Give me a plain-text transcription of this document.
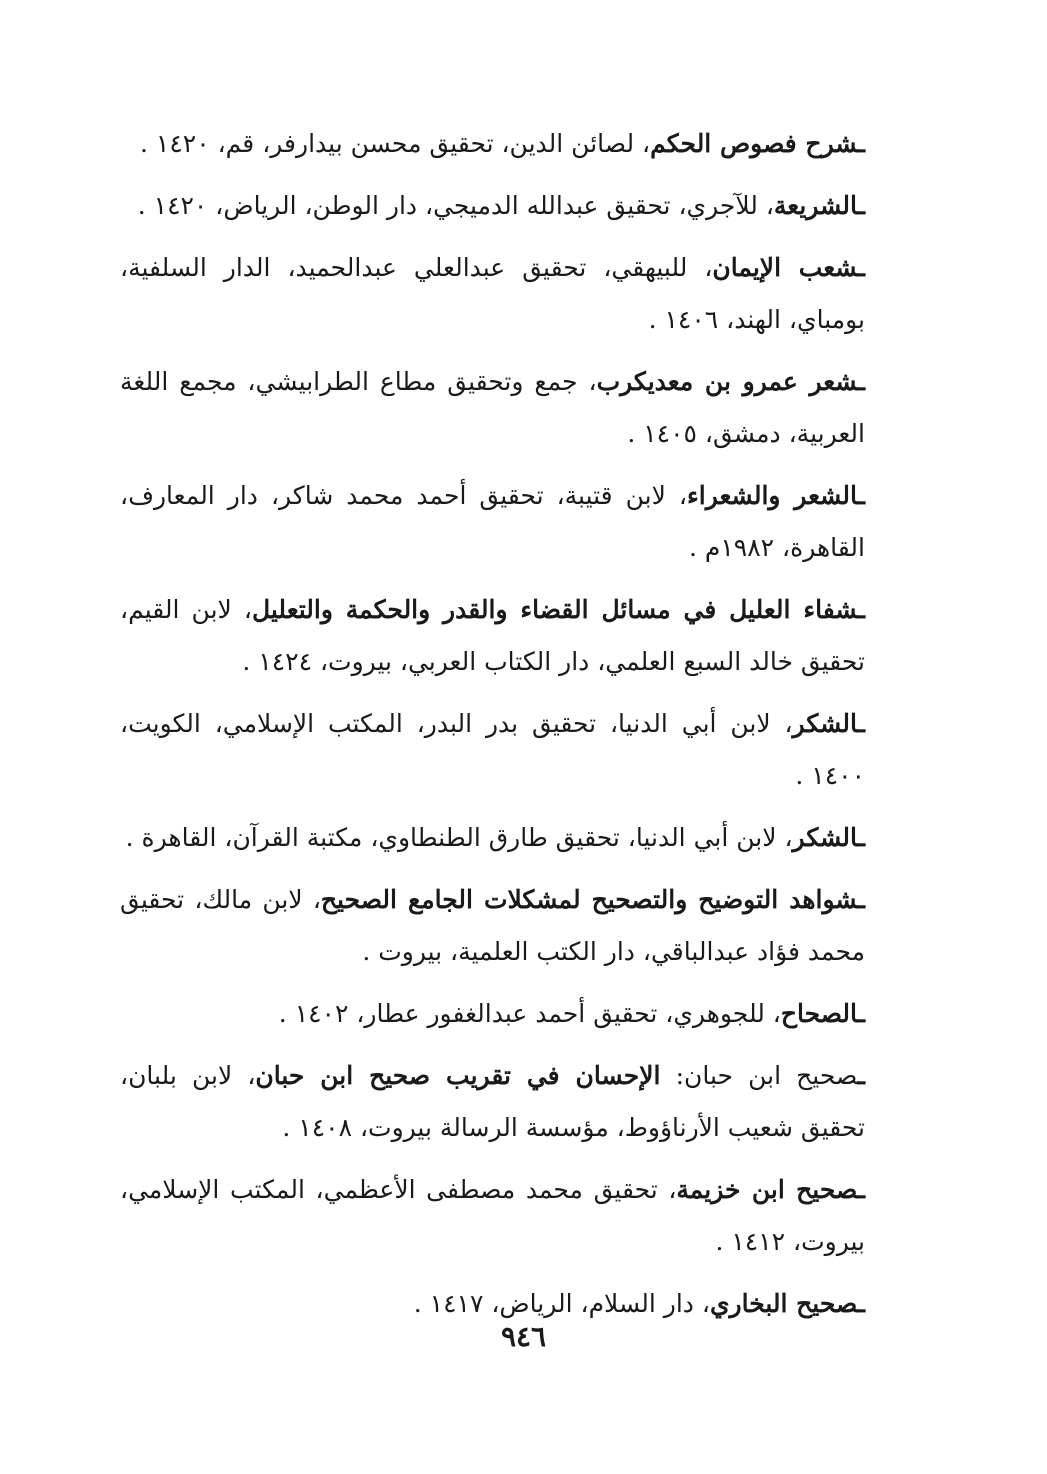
ـشرح فصوص الحكم، لصائن الدين، تحقيق محسن بيدارفر، قم، ١٤٢٠ .

ـالشريعة، للآجري، تحقيق عبدالله الدميجي، دار الوطن، الرياض، ١٤٢٠ .

ـشعب الإيمان، للبيهقي، تحقيق عبدالعلي عبدالحميد، الدار السلفية، بومباي، الهند، ١٤٠٦ .

ـشعر عمرو بن معديكرب، جمع وتحقيق مطاع الطرابيشي، مجمع اللغة العربية، دمشق، ١٤٠٥ .

ـالشعر والشعراء، لابن قتيبة، تحقيق أحمد محمد شاكر، دار المعارف، القاهرة، ١٩٨٢م .

ـشفاء العليل في مسائل القضاء والقدر والحكمة والتعليل، لابن القيم، تحقيق خالد السبع العلمي، دار الكتاب العربي، بيروت، ١٤٢٤ .

ـالشكر، لابن أبي الدنيا، تحقيق بدر البدر، المكتب الإسلامي، الكويت، ١٤٠٠ .

ـالشكر، لابن أبي الدنيا، تحقيق طارق الطنطاوي، مكتبة القرآن، القاهرة .

ـشواهد التوضيح والتصحيح لمشكلات الجامع الصحيح، لابن مالك، تحقيق محمد فؤاد عبدالباقي، دار الكتب العلمية، بيروت .

ـالصحاح، للجوهري، تحقيق أحمد عبدالغفور عطار، ١٤٠٢ .

ـصحيح ابن حبان: الإحسان في تقريب صحيح ابن حبان، لابن بلبان، تحقيق شعيب الأرناؤوط، مؤسسة الرسالة بيروت، ١٤٠٨ .

ـصحيح ابن خزيمة، تحقيق محمد مصطفى الأعظمي، المكتب الإسلامي، بيروت، ١٤١٢ .

ـصحيح البخاري، دار السلام، الرياض، ١٤١٧ .

٩٤٦
